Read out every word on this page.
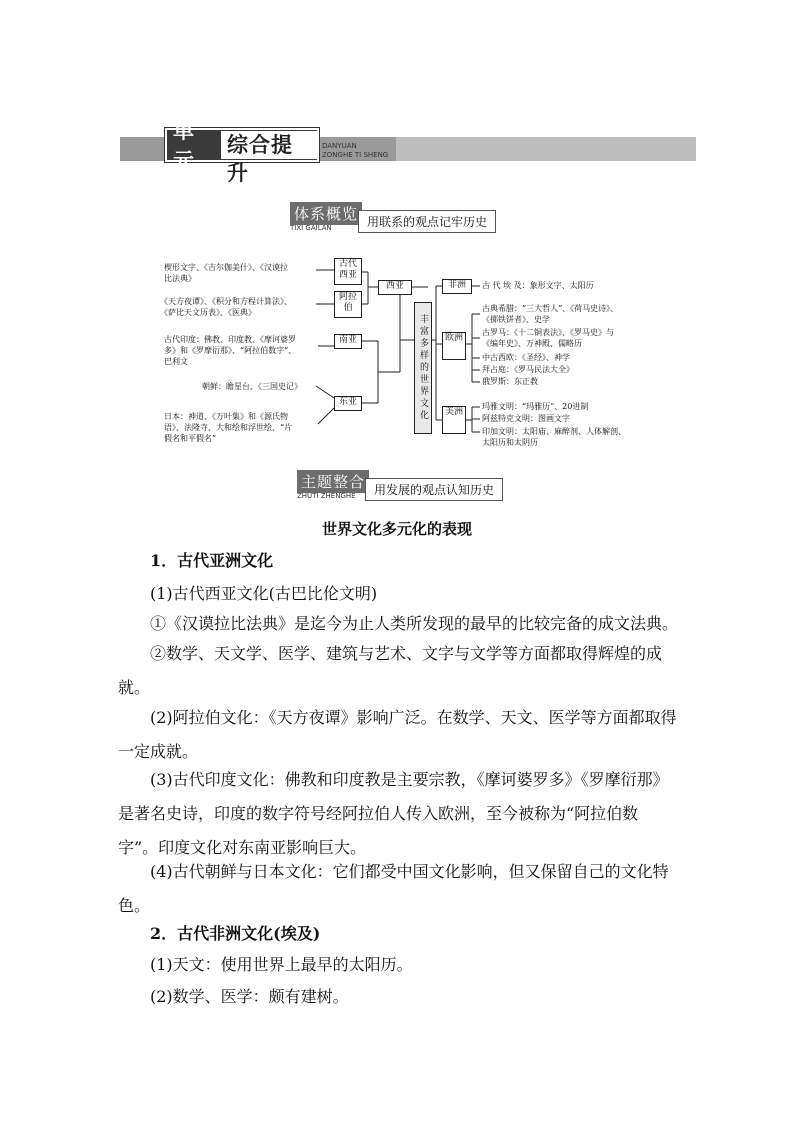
单元
综合提升
DANYUAN
ZONGHE TI SHENG
体系概览
TIXI GAILAN	用联系的观点记牢历史
古代西亚
阿拉伯
西亚
南亚
东亚	丰富多样的世界文化
非洲
欧洲
美洲
楔形文字、《吉尔伽美什》、《汉谟拉
比法典》
《天方夜谭》、《积分和方程计算法》、
《萨比天文历表》、《医典》
古代印度：佛教、印度教、《摩诃婆罗
多》和《罗摩衍那》、“阿拉伯数字”、
巴利文
朝鲜：瞻星台、《三国史记》
日本：神道、《万叶集》和《源氏物
语》、法隆寺、大和绘和浮世绘、“片
假名和平假名”
古 代 埃 及：象形文字、太阳历
古典希腊：“三大哲人”、《荷马史诗》、
《掷铁饼者》、史学
古罗马：《十二铜表法》、《罗马史》与
《编年史》、万神殿、儒略历
中古西欧：《圣经》、神学
拜占庭：《罗马民法大全》
俄罗斯：东正教
玛雅文明：“玛雅历”、20进制
阿兹特克文明：图画文字
印加文明：太阳庙、麻醉剂、人体解剖、
太阳历和太阴历
主题整合
ZHUTI ZHENGHE	用发展的观点认知历史
世界文化多元化的表现
1．古代亚洲文化
(1)古代西亚文化(古巴比伦文明)
①《汉谟拉比法典》是迄今为止人类所发现的最早的比较完备的成文法典。
②数学、天文学、医学、建筑与艺术、文字与文学等方面都取得辉煌的成就。
(2)阿拉伯文化：《天方夜谭》影响广泛。在数学、天文、医学等方面都取得一定成就。
(3)古代印度文化：佛教和印度教是主要宗教，《摩诃婆罗多》《罗摩衍那》是著名史诗，印度的数字符号经阿拉伯人传入欧洲，至今被称为“阿拉伯数字”。印度文化对东南亚影响巨大。
(4)古代朝鲜与日本文化：它们都受中国文化影响，但又保留自己的文化特色。
2．古代非洲文化(埃及)
(1)天文：使用世界上最早的太阳历。
(2)数学、医学：颇有建树。
